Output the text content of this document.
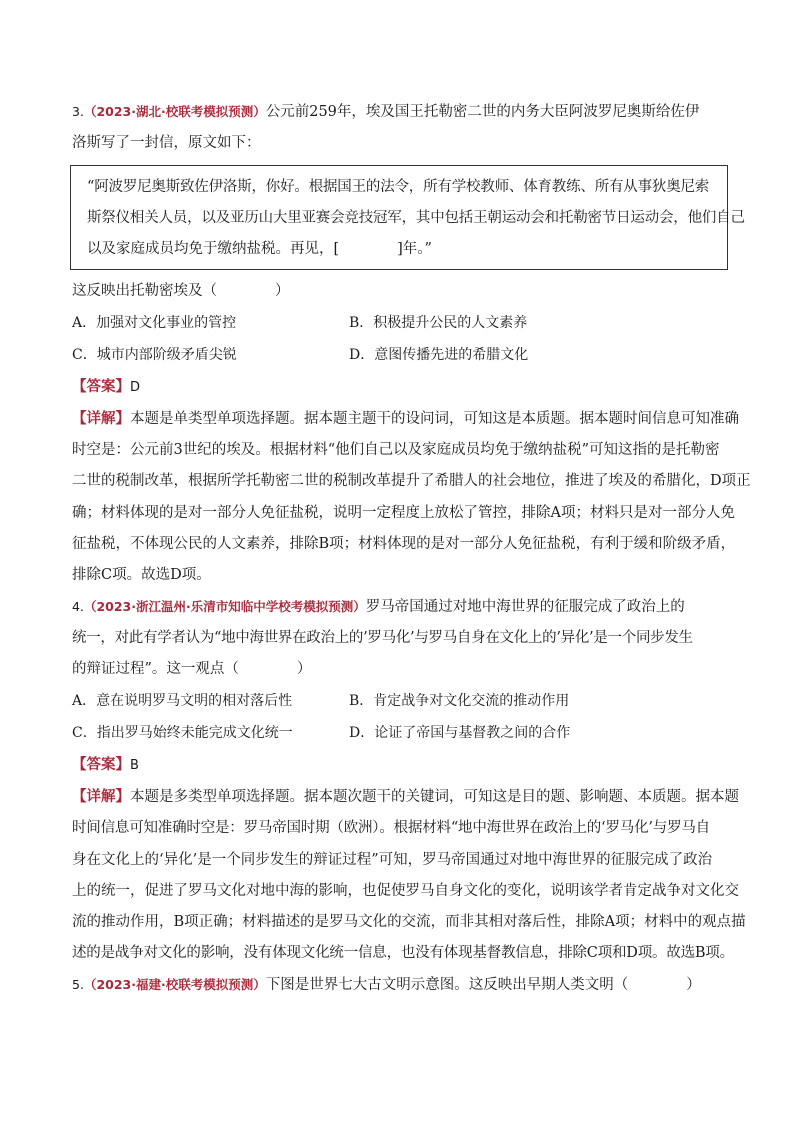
3.（2023·湖北·校联考模拟预测）公元前259年，埃及国王托勒密二世的内务大臣阿波罗尼奥斯给佐伊
洛斯写了一封信，原文如下：
“阿波罗尼奥斯致佐伊洛斯，你好。根据国王的法令，所有学校教师、体育教练、所有从事狄奥尼索
斯祭仪相关人员，以及亚历山大里亚赛会竞技冠军，其中包括王朝运动会和托勒密节日运动会，他们自己
以及家庭成员均免于缴纳盐税。再见，[　　　　]年。”
这反映出托勒密埃及（　　　　）
A．加强对文化事业的管控	B．积极提升公民的人文素养
C．城市内部阶级矛盾尖锐	D．意图传播先进的希腊文化
【答案】D
【详解】本题是单类型单项选择题。据本题主题干的设问词，可知这是本质题。据本题时间信息可知准确
时空是：公元前3世纪的埃及。根据材料“他们自己以及家庭成员均免于缴纳盐税”可知这指的是托勒密
二世的税制改革，根据所学托勒密二世的税制改革提升了希腊人的社会地位，推进了埃及的希腊化，D项正
确；材料体现的是对一部分人免征盐税，说明一定程度上放松了管控，排除A项；材料只是对一部分人免
征盐税，不体现公民的人文素养，排除B项；材料体现的是对一部分人免征盐税，有利于缓和阶级矛盾，
排除C项。故选D项。
4.（2023·浙江温州·乐清市知临中学校考模拟预测）罗马帝国通过对地中海世界的征服完成了政治上的
统一，对此有学者认为“地中海世界在政治上的’罗马化’与罗马自身在文化上的’异化’是一个同步发生
的辩证过程”。这一观点（　　　　）
A．意在说明罗马文明的相对落后性	B．肯定战争对文化交流的推动作用
C．指出罗马始终未能完成文化统一	D．论证了帝国与基督教之间的合作
【答案】B
【详解】本题是多类型单项选择题。据本题次题干的关键词，可知这是目的题、影响题、本质题。据本题
时间信息可知准确时空是：罗马帝国时期（欧洲）。根据材料“地中海世界在政治上的‘罗马化’与罗马自
身在文化上的‘异化’是一个同步发生的辩证过程”可知，罗马帝国通过对地中海世界的征服完成了政治
上的统一，促进了罗马文化对地中海的影响，也促使罗马自身文化的变化，说明该学者肯定战争对文化交
流的推动作用，B项正确；材料描述的是罗马文化的交流，而非其相对落后性，排除A项；材料中的观点描
述的是战争对文化的影响，没有体现文化统一信息，也没有体现基督教信息，排除C项和D项。故选B项。
5.（2023·福建·校联考模拟预测）下图是世界七大古文明示意图。这反映出早期人类文明（　　　　）
